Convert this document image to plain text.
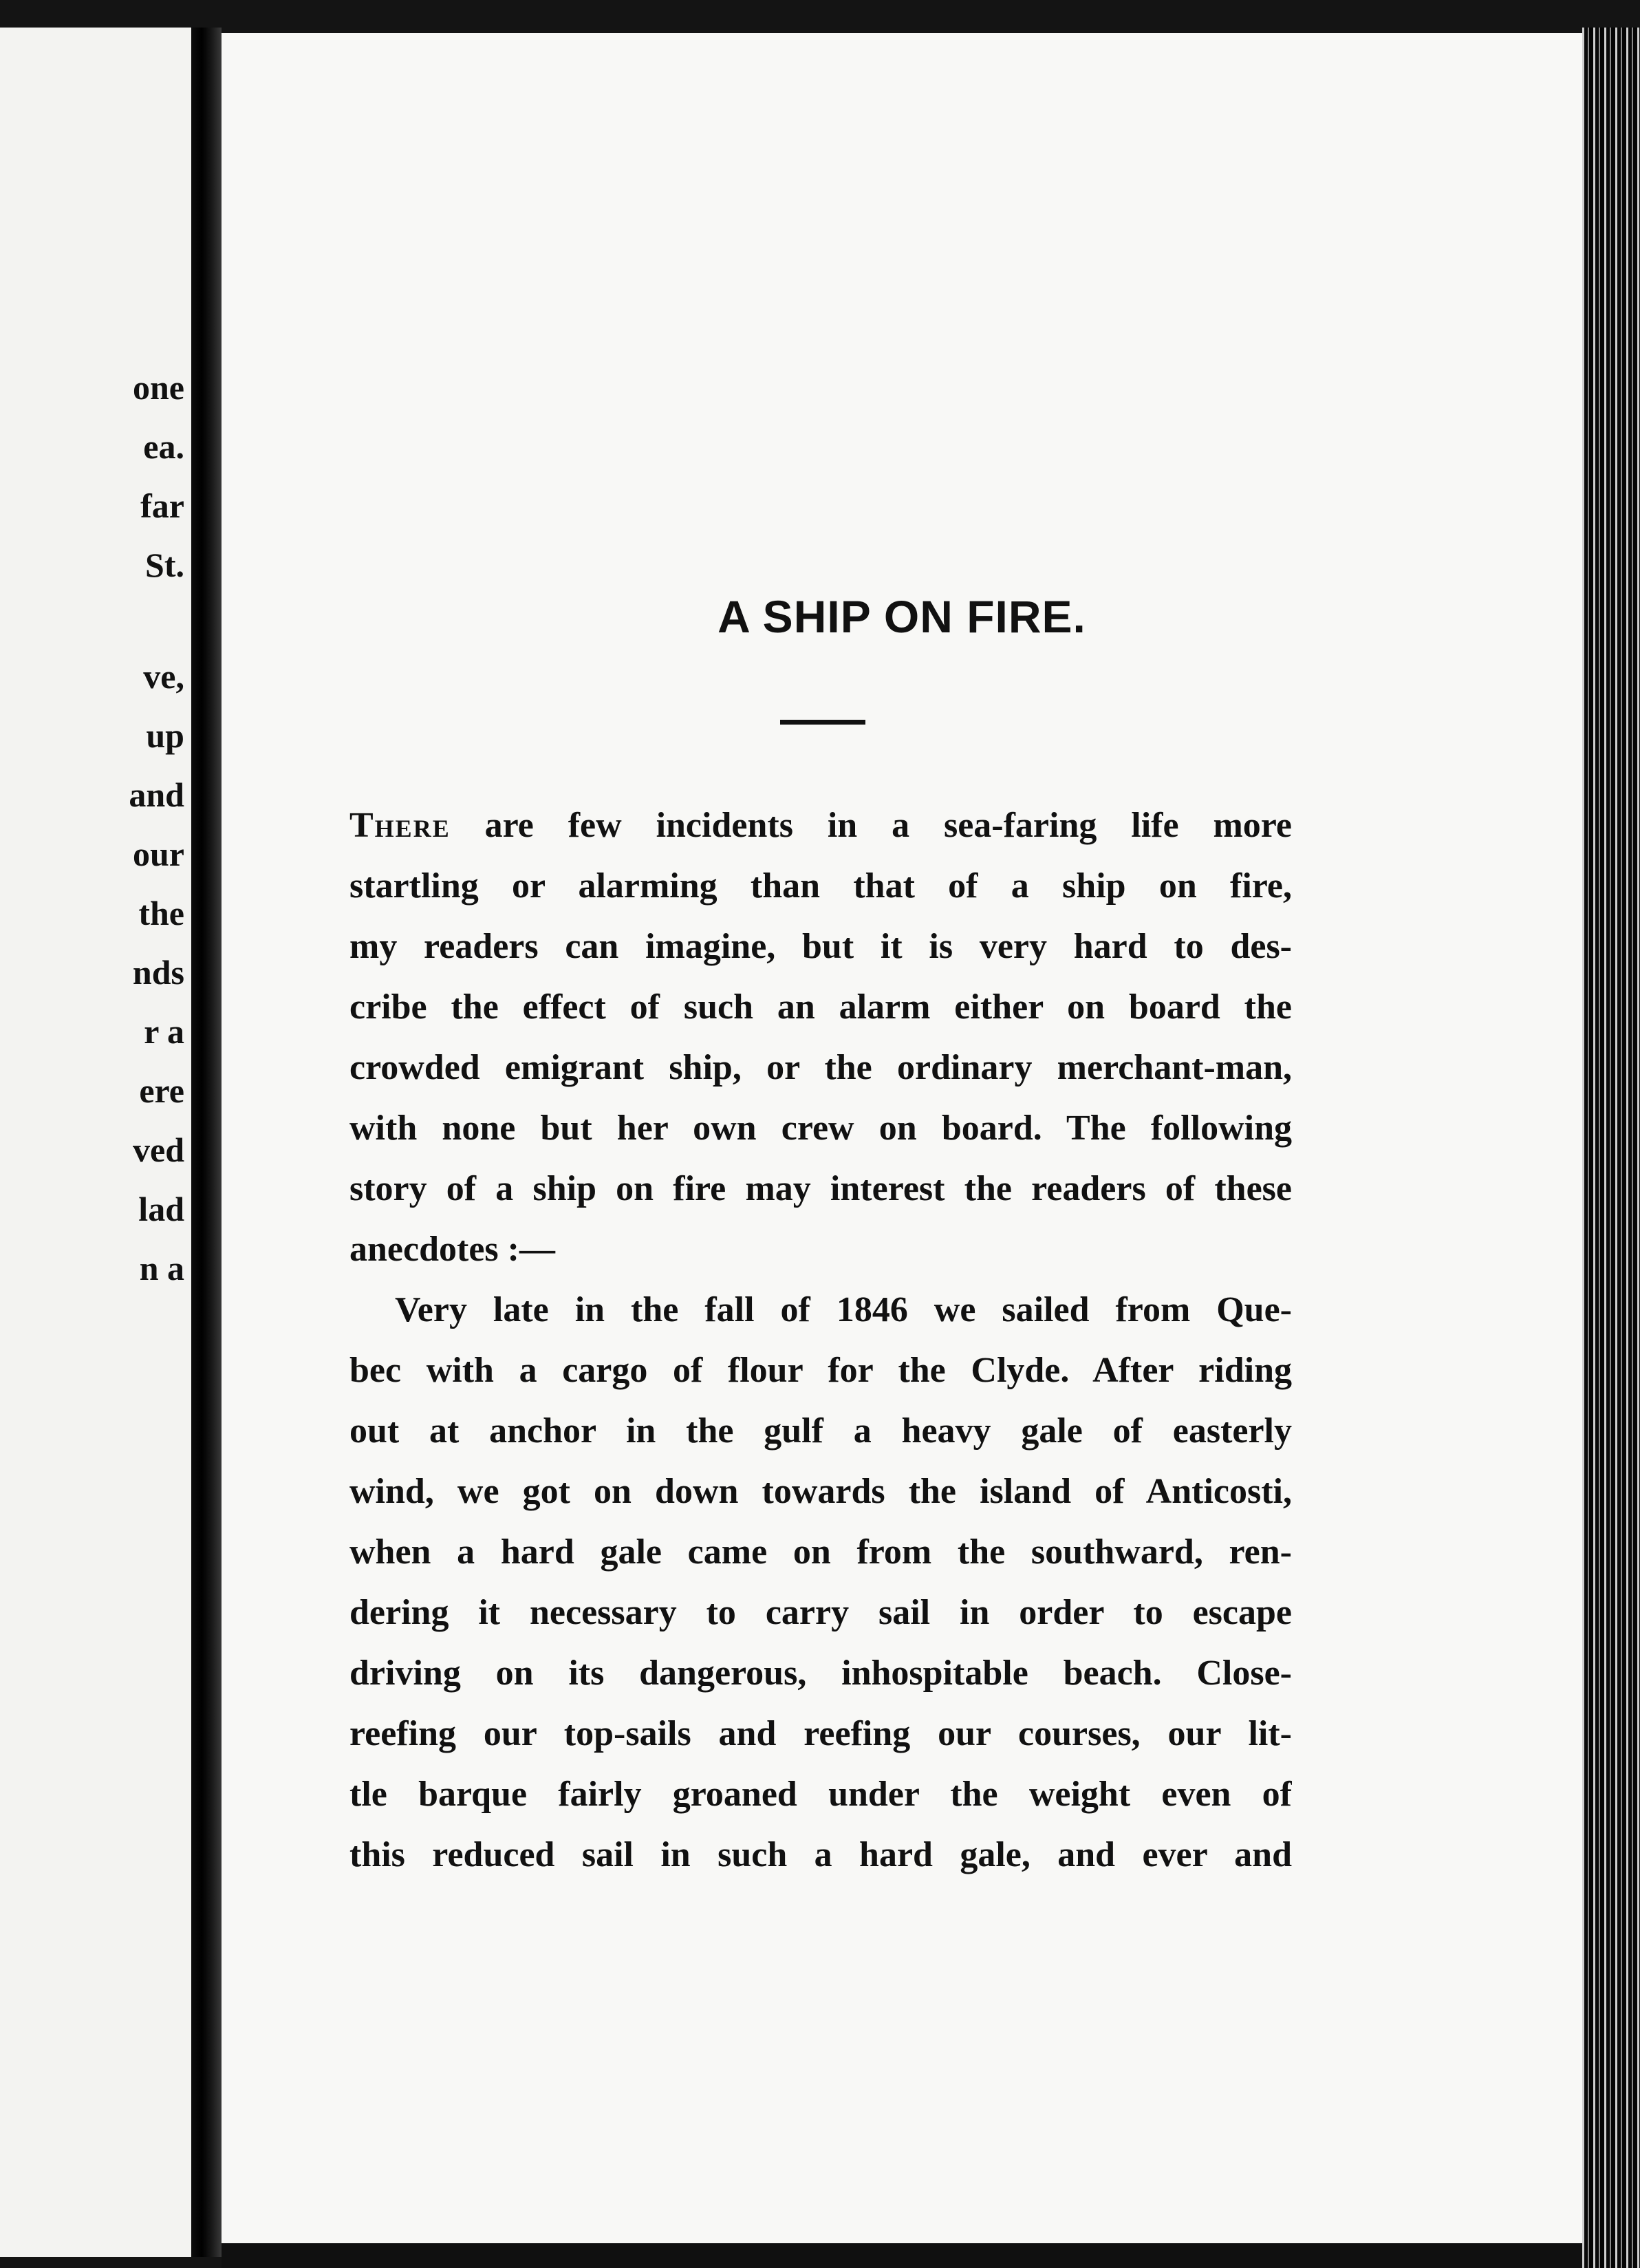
one

ea.

far

St.

ve,

up

and

our

the

nds

r a

ere

ved

lad

n a

A SHIP ON FIRE.
There are few incidents in a sea-faring life more
startling or alarming than that of a ship on fire,
my readers can imagine, but it is very hard to des-
cribe the effect of such an alarm either on board the
crowded emigrant ship, or the ordinary merchant-man,
with none but her own crew on board. The following
story of a ship on fire may interest the readers of these
anecdotes :—
Very late in the fall of 1846 we sailed from Que-
bec with a cargo of flour for the Clyde. After riding
out at anchor in the gulf a heavy gale of easterly
wind, we got on down towards the island of Anticosti,
when a hard gale came on from the southward, ren-
dering it necessary to carry sail in order to escape
driving on its dangerous, inhospitable beach. Close-
reefing our top-sails and reefing our courses, our lit-
tle barque fairly groaned under the weight even of
this reduced sail in such a hard gale, and ever and
